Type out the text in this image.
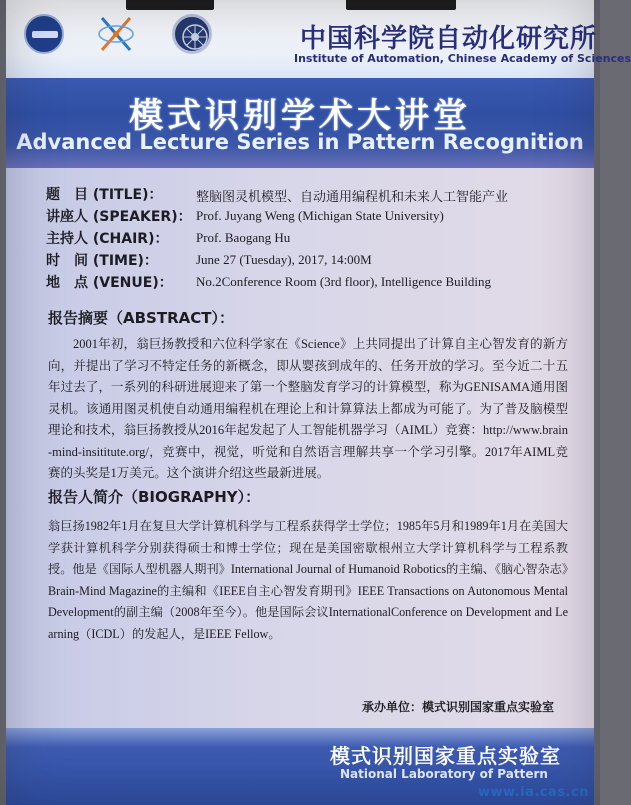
中国科学院自动化研究所
Institute of Automation, Chinese Academy of Sciences
模式识别学术大讲堂
Advanced Lecture Series in Pattern Recognition
题　目 (TITLE)：	整脑图灵机模型、自动通用编程机和未来人工智能产业
讲座人 (SPEAKER)： Prof. Juyang Weng (Michigan State University)
主持人 (CHAIR)： Prof. Baogang Hu
时　间 (TIME)：	June 27 (Tuesday), 2017, 14:00M
地　点 (VENUE)： No.2Conference Room (3rd floor), Intelligence Building
报告摘要（ABSTRACT）：
2001年初，翁巨扬教授和六位科学家在《Science》上共同提出了计算自主心智发育的新方向，并提出了学习不特定任务的新概念，即从婴孩到成年的、任务开放的学习。至今近二十五年过去了，一系列的科研进展迎来了第一个整脑发育学习的计算模型，称为GENISAMA通用图灵机。该通用图灵机使自动通用编程机在理论上和计算算法上都成为可能了。为了普及脑模型理论和技术，翁巨扬教授从2016年起发起了人工智能机器学习（AIML）竞赛：http://www.brain-mind-insititute.org/，竞赛中，视觉，听觉和自然语言理解共享一个学习引擎。2017年AIML竞赛的头奖是1万美元。这个演讲介绍这些最新进展。
报告人简介（BIOGRAPHY）：
翁巨扬1982年1月在复旦大学计算机科学与工程系获得学士学位；1985年5月和1989年1月在美国大学获计算机科学分别获得硕士和博士学位；现在是美国密歇根州立大学计算机科学与工程系教授。他是《国际人型机器人期刊》International Journal of Humanoid Robotics的主编、《脑心智杂志》Brain-Mind Magazine的主编和《IEEE自主心智发育期刊》IEEE Transactions on Autonomous Mental Development的副主编（2008年至今）。他是国际会议InternationalConference on Development and Learning（ICDL）的发起人，是IEEE Fellow。
承办单位：模式识别国家重点实验室
模式识别国家重点实验室
National Laboratory of Pattern
www.ia.cas.cn
